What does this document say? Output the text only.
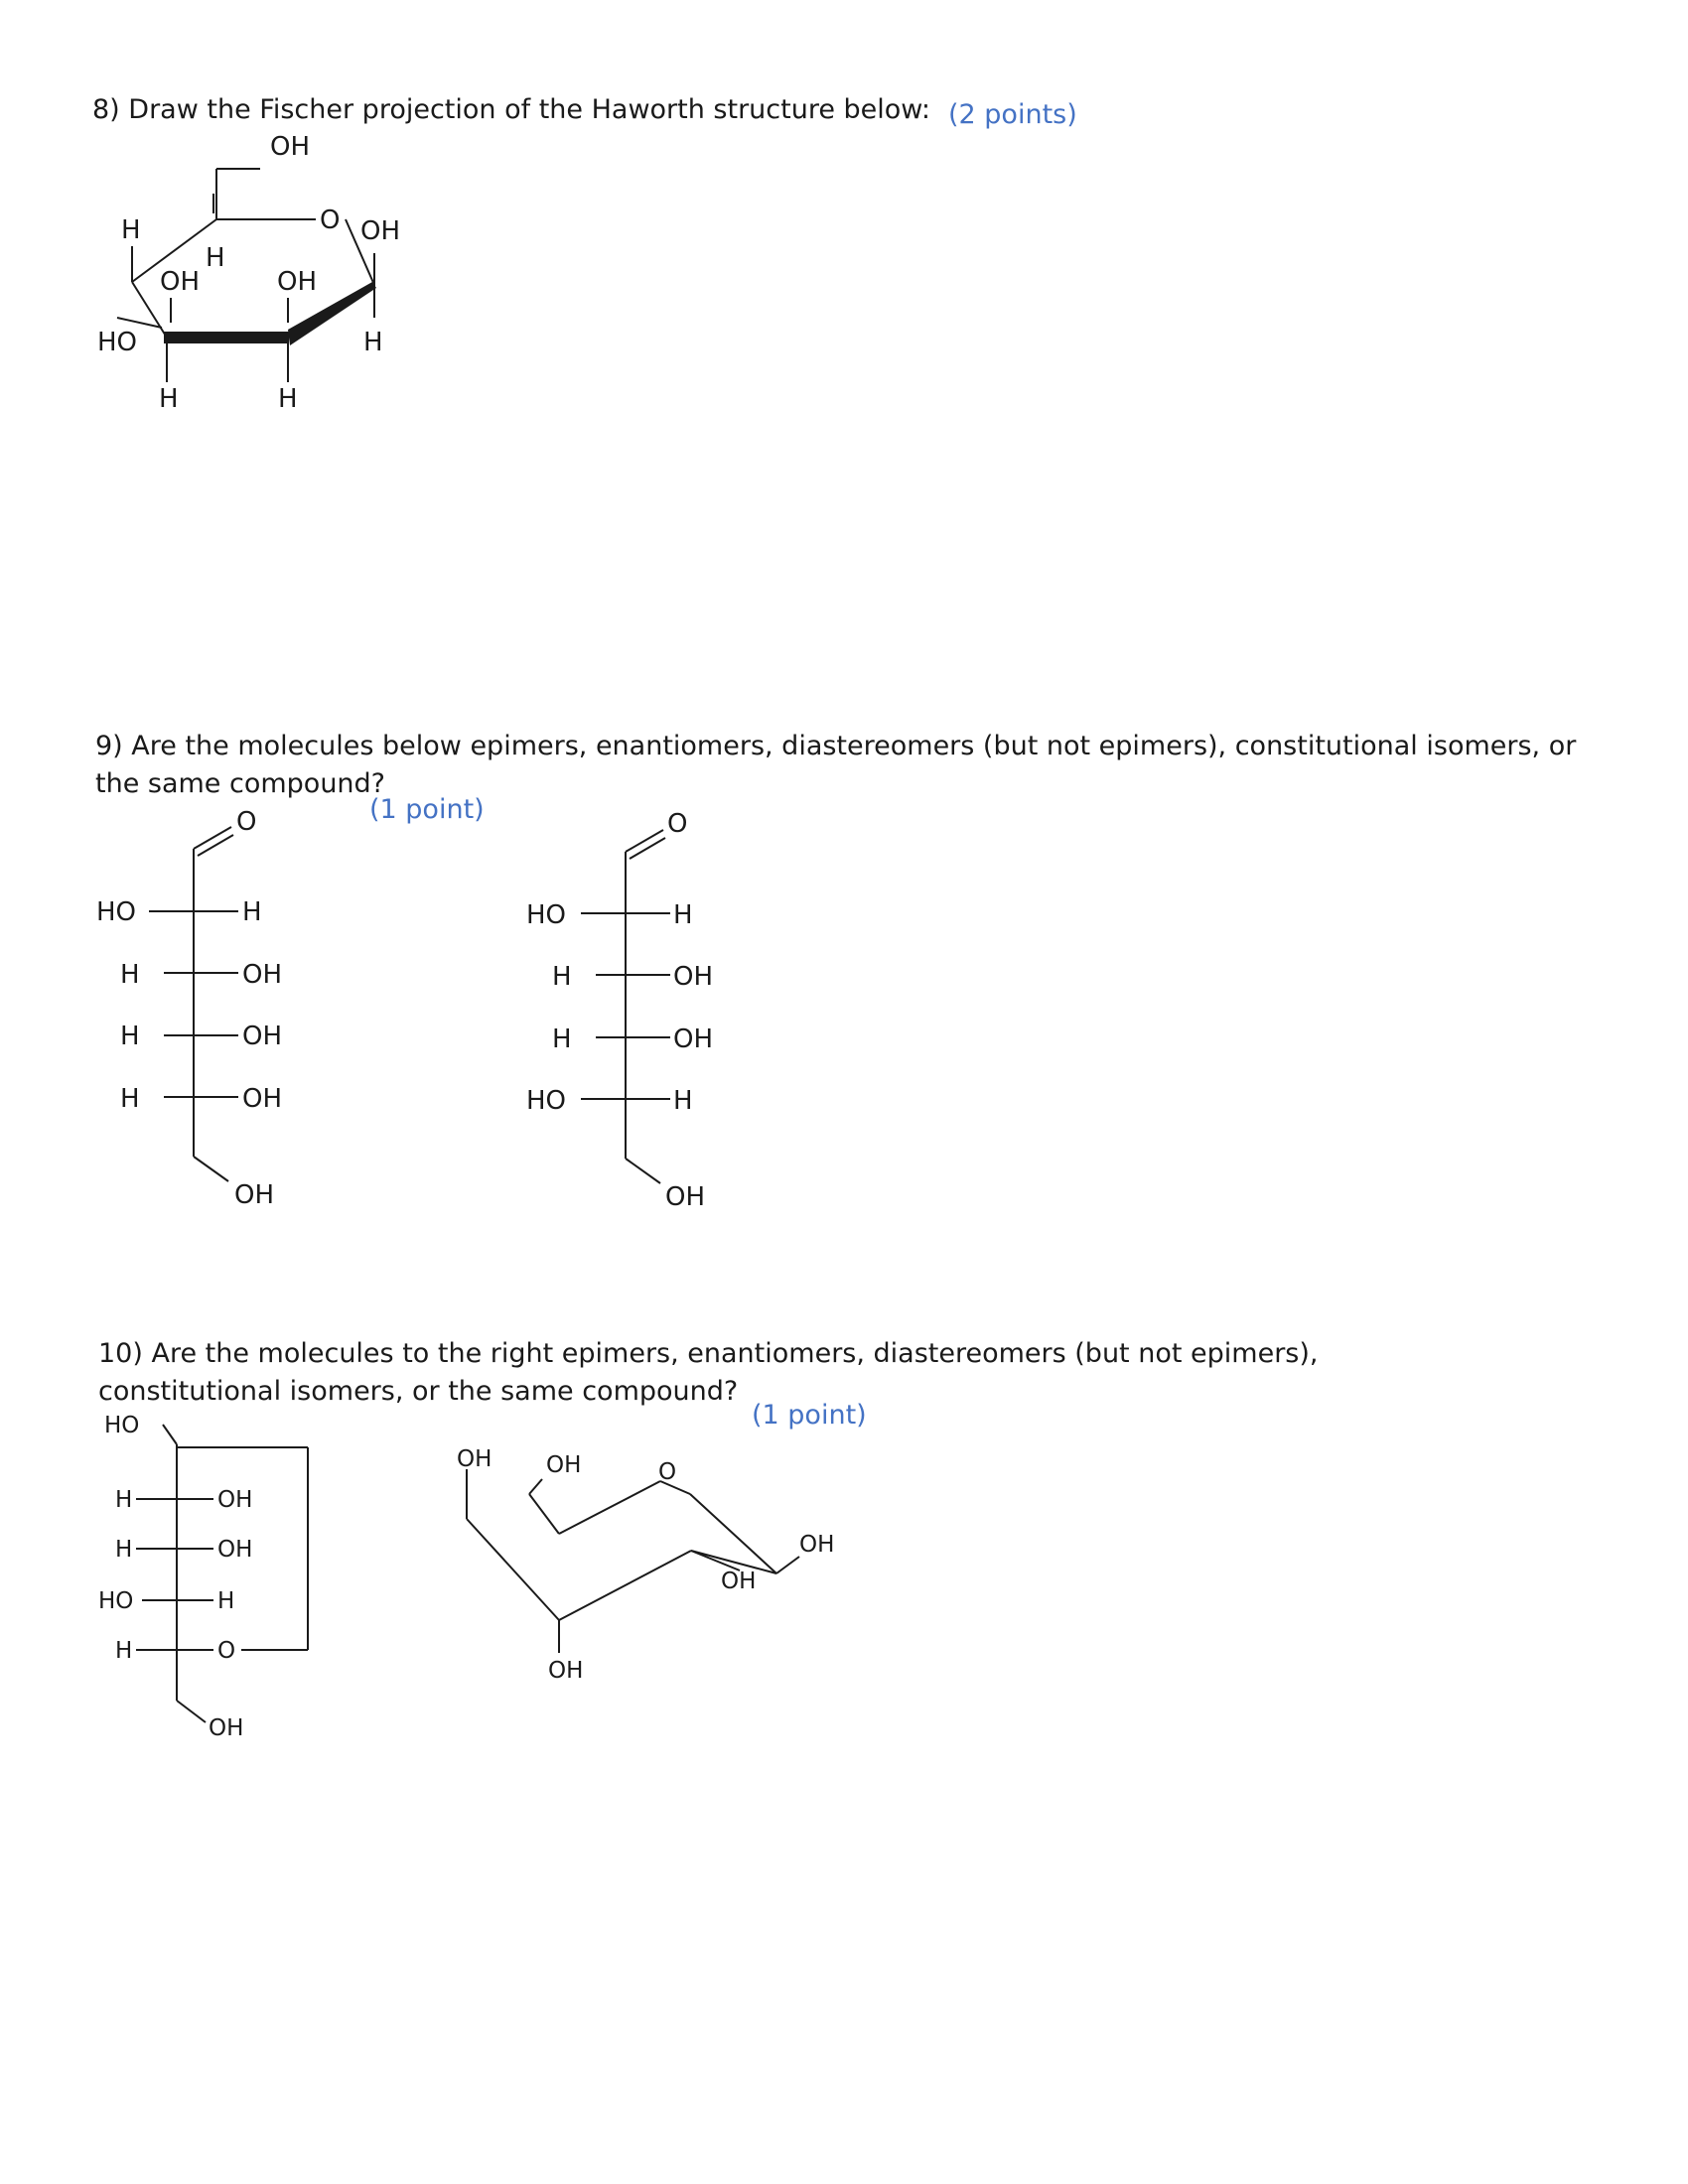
8) Draw the Fischer projection of the Haworth structure below: (2 points)
OH
O
H
H
OH	OH
OH
HO	H
H	H
9) Are the molecules below epimers, enantiomers, diastereomers (but not epimers), constitutional isomers, or the same compound?
(1 point)
O
HO	H
H	OH
H	OH
H	OH
OH
O
HO	H
H	OH
H	OH
HO	H
OH
10) Are the molecules to the right epimers, enantiomers, diastereomers (but not epimers), constitutional isomers, or the same compound?
(1 point)
HO
H	OH
H	OH
HO	H
H	O
OH
OH OH	O
OH
OH
OH
